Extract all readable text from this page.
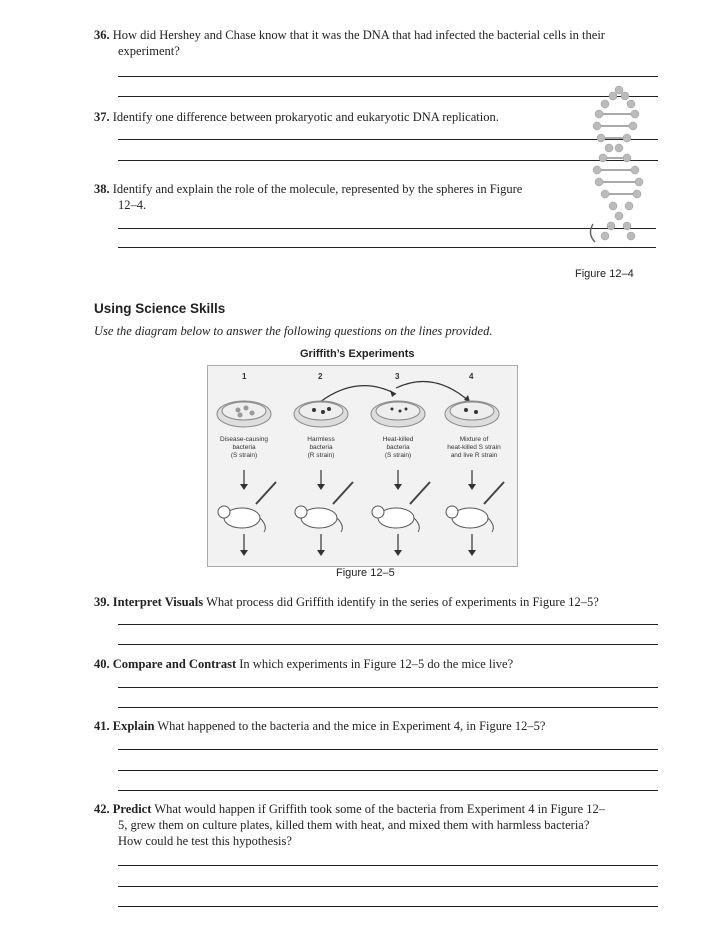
36. How did Hershey and Chase know that it was the DNA that had infected the bacterial cells in their
experiment?
37. Identify one difference between prokaryotic and eukaryotic DNA replication.
38. Identify and explain the role of the molecule, represented by the spheres in Figure
12–4.
Figure 12–4
Using Science Skills
Use the diagram below to answer the following questions on the lines provided.
Griffith’s Experiments
1	2	3	4
Disease-causing
bacteria
(S strain)
Harmless
bacteria
(R strain)
Heat-killed
bacteria
(S strain)
Mixture of
heat-killed S strain
and live R strain
Figure 12–5
39. Interpret Visuals What process did Griffith identify in the series of experiments in Figure 12–5?
40. Compare and Contrast In which experiments in Figure 12–5 do the mice live?
41. Explain What happened to the bacteria and the mice in Experiment 4, in Figure 12–5?
42. Predict What would happen if Griffith took some of the bacteria from Experiment 4 in Figure 12–
5, grew them on culture plates, killed them with heat, and mixed them with harmless bacteria?
How could he test this hypothesis?
